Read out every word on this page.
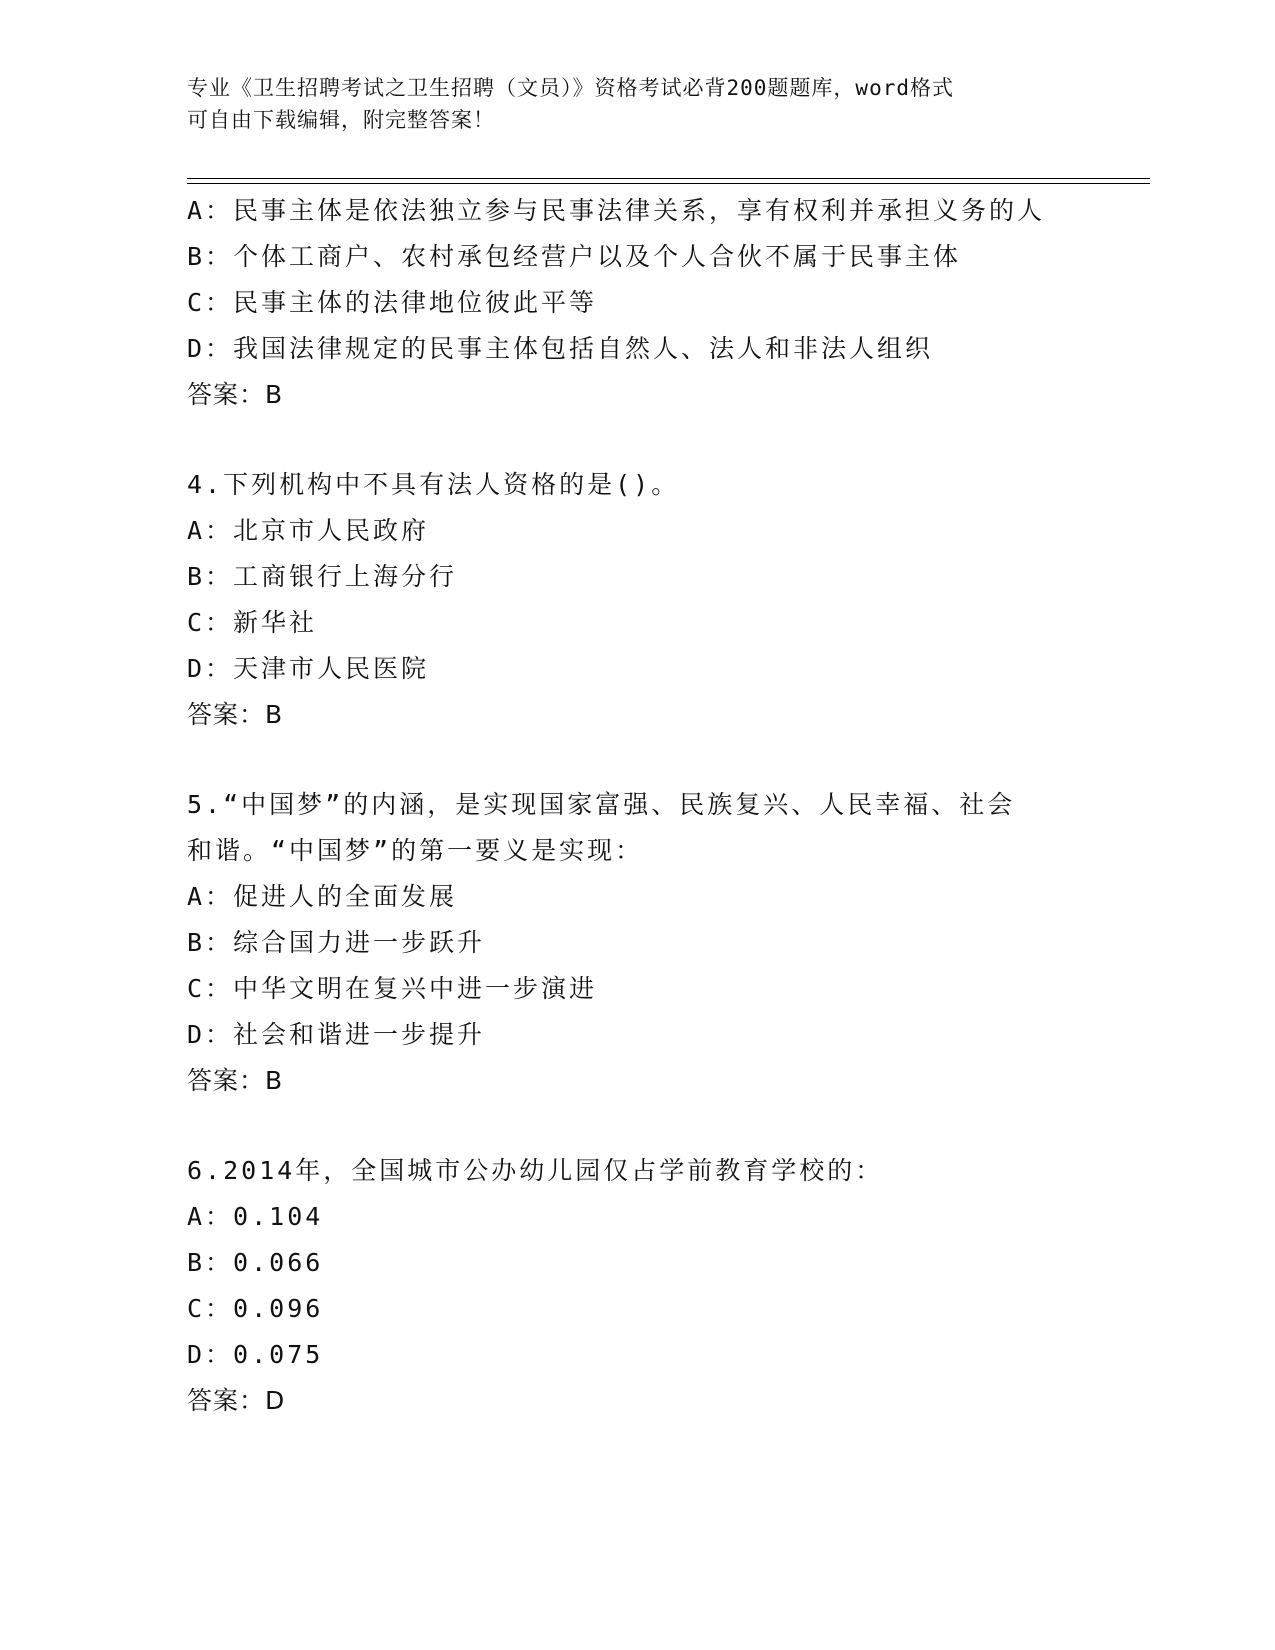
专业《卫生招聘考试之卫生招聘（文员）》资格考试必背200题题库，word格式
可自由下载编辑，附完整答案！
A：民事主体是依法独立参与民事法律关系，享有权利并承担义务的人
B：个体工商户、农村承包经营户以及个人合伙不属于民事主体
C：民事主体的法律地位彼此平等
D：我国法律规定的民事主体包括自然人、法人和非法人组织
答案：B
4.下列机构中不具有法人资格的是()。
A：北京市人民政府
B：工商银行上海分行
C：新华社
D：天津市人民医院
答案：B
5.“中国梦”的内涵，是实现国家富强、民族复兴、人民幸福、社会
和谐。“中国梦”的第一要义是实现：
A：促进人的全面发展
B：综合国力进一步跃升
C：中华文明在复兴中进一步演进
D：社会和谐进一步提升
答案：B
6.2014年，全国城市公办幼儿园仅占学前教育学校的：
A：0.104
B：0.066
C：0.096
D：0.075
答案：D
